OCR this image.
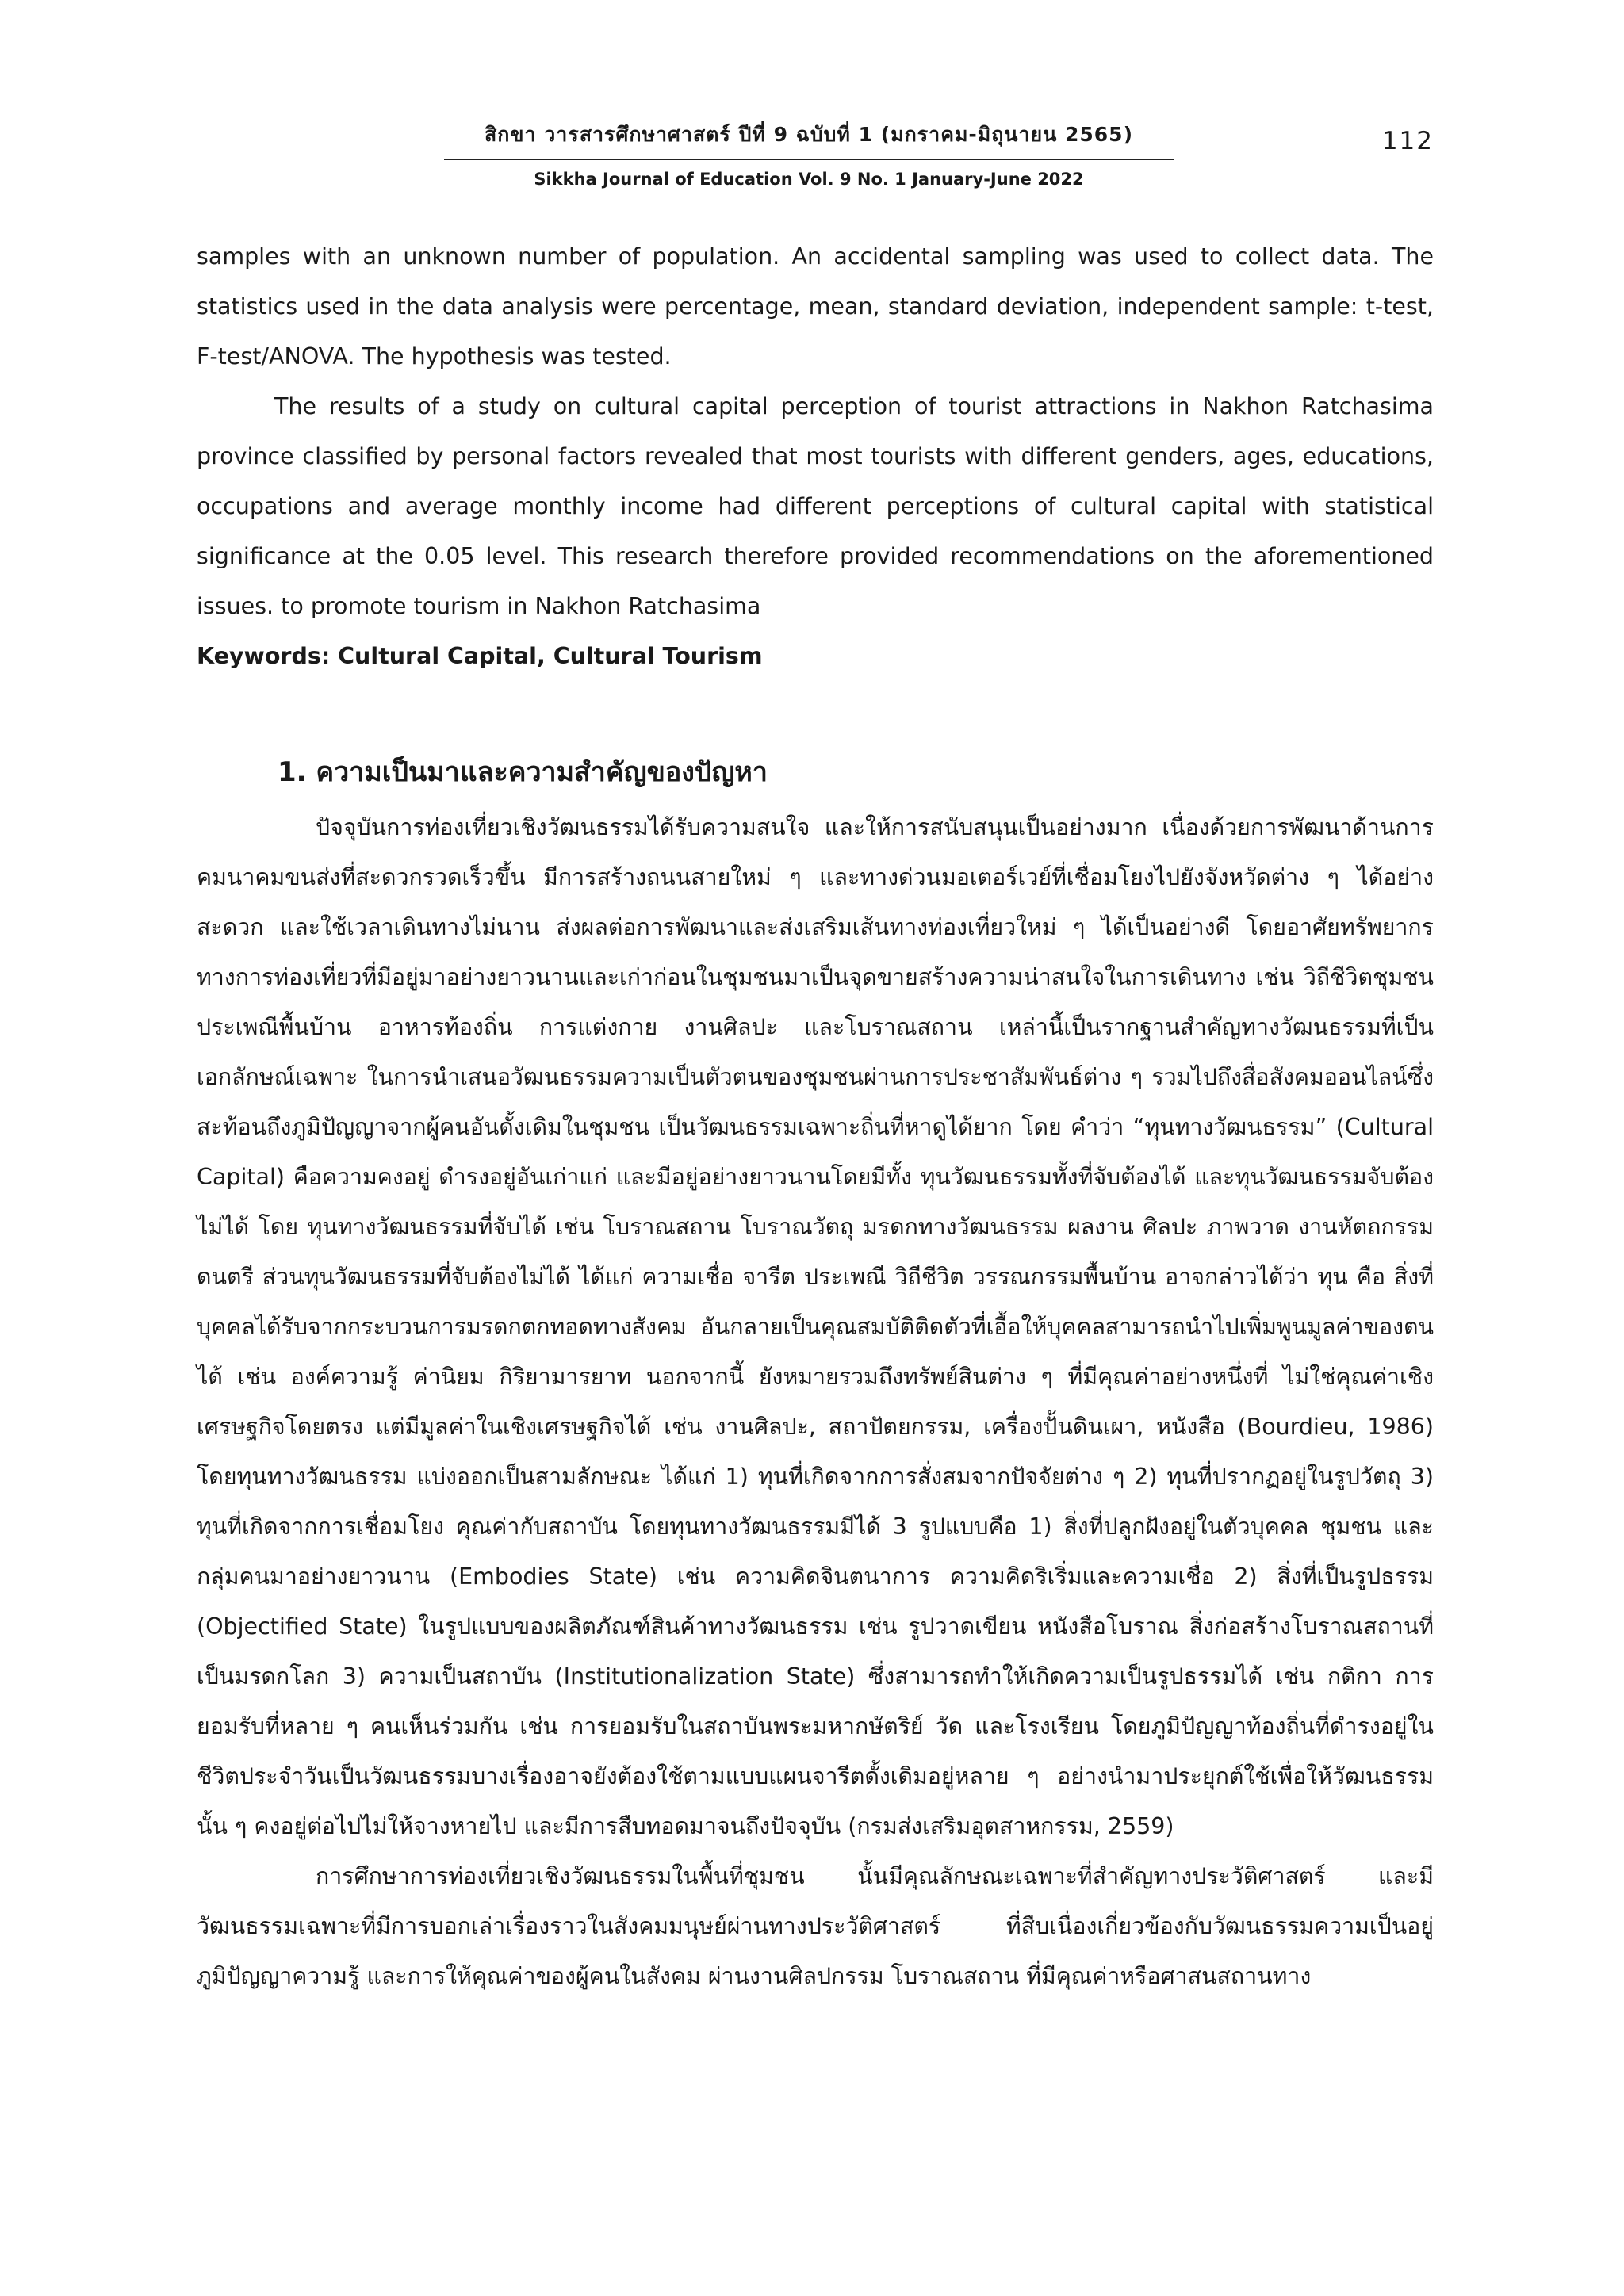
สิกขา วารสารศึกษาศาสตร์ ปีที่ 9 ฉบับที่ 1 (มกราคม-มิถุนายน 2565)
Sikkha Journal of Education Vol. 9 No. 1 January-June 2022
112

samples with an unknown number of population. An accidental sampling was used to collect data. The statistics used in the data analysis were percentage, mean, standard deviation, independent sample: t-test, F-test/ANOVA. The hypothesis was tested.

The results of a study on cultural capital perception of tourist attractions in Nakhon Ratchasima province classified by personal factors revealed that most tourists with different genders, ages, educations, occupations and average monthly income had different perceptions of cultural capital with statistical significance at the 0.05 level. This research therefore provided recommendations on the aforementioned issues. to promote tourism in Nakhon Ratchasima

Keywords: Cultural Capital, Cultural Tourism

1. ความเป็นมาและความสำคัญของปัญหา

ปัจจุบันการท่องเที่ยวเชิงวัฒนธรรมได้รับความสนใจ และให้การสนับสนุนเป็นอย่างมาก เนื่องด้วยการพัฒนาด้านการคมนาคมขนส่งที่สะดวกรวดเร็วขึ้น มีการสร้างถนนสายใหม่ ๆ และทางด่วนมอเตอร์เวย์ที่เชื่อมโยงไปยังจังหวัดต่าง ๆ ได้อย่างสะดวก และใช้เวลาเดินทางไม่นาน ส่งผลต่อการพัฒนาและส่งเสริมเส้นทางท่องเที่ยวใหม่ ๆ ได้เป็นอย่างดี โดยอาศัยทรัพยากรทางการท่องเที่ยวที่มีอยู่มาอย่างยาวนานและเก่าก่อนในชุมชนมาเป็นจุดขายสร้างความน่าสนใจในการเดินทาง เช่น วิถีชีวิตชุมชน ประเพณีพื้นบ้าน อาหารท้องถิ่น การแต่งกาย งานศิลปะ และโบราณสถาน เหล่านี้เป็นรากฐานสำคัญทางวัฒนธรรมที่เป็นเอกลักษณ์เฉพาะ ในการนำเสนอวัฒนธรรมความเป็นตัวตนของชุมชนผ่านการประชาสัมพันธ์ต่าง ๆ รวมไปถึงสื่อสังคมออนไลน์ซึ่งสะท้อนถึงภูมิปัญญาจากผู้คนอันดั้งเดิมในชุมชน เป็นวัฒนธรรมเฉพาะถิ่นที่หาดูได้ยาก โดย คำว่า “ทุนทางวัฒนธรรม” (Cultural Capital) คือความคงอยู่ ดำรงอยู่อันเก่าแก่ และมีอยู่อย่างยาวนานโดยมีทั้ง ทุนวัฒนธรรมทั้งที่จับต้องได้ และทุนวัฒนธรรมจับต้องไม่ได้ โดย ทุนทางวัฒนธรรมที่จับได้ เช่น โบราณสถาน โบราณวัตถุ มรดกทางวัฒนธรรม ผลงาน ศิลปะ ภาพวาด งานหัตถกรรม ดนตรี ส่วนทุนวัฒนธรรมที่จับต้องไม่ได้ ได้แก่ ความเชื่อ จารีต ประเพณี วิถีชีวิต วรรณกรรมพื้นบ้าน อาจกล่าวได้ว่า ทุน คือ สิ่งที่บุคคลได้รับจากกระบวนการมรดกตกทอดทางสังคม อันกลายเป็นคุณสมบัติติดตัวที่เอื้อให้บุคคลสามารถนำไปเพิ่มพูนมูลค่าของตนได้ เช่น องค์ความรู้ ค่านิยม กิริยามารยาท นอกจากนี้ ยังหมายรวมถึงทรัพย์สินต่าง ๆ ที่มีคุณค่าอย่างหนึ่งที่ ไม่ใช่คุณค่าเชิงเศรษฐกิจโดยตรง แต่มีมูลค่าในเชิงเศรษฐกิจได้ เช่น งานศิลปะ, สถาปัตยกรรม, เครื่องปั้นดินเผา, หนังสือ (Bourdieu, 1986) โดยทุนทางวัฒนธรรม แบ่งออกเป็นสามลักษณะ ได้แก่ 1) ทุนที่เกิดจากการสั่งสมจากปัจจัยต่าง ๆ 2) ทุนที่ปรากฏอยู่ในรูปวัตถุ 3) ทุนที่เกิดจากการเชื่อมโยง คุณค่ากับสถาบัน โดยทุนทางวัฒนธรรมมีได้ 3 รูปแบบคือ 1) สิ่งที่ปลูกฝังอยู่ในตัวบุคคล ชุมชน และกลุ่มคนมาอย่างยาวนาน (Embodies State) เช่น ความคิดจินตนาการ ความคิดริเริ่มและความเชื่อ 2) สิ่งที่เป็นรูปธรรม (Objectified State) ในรูปแบบของผลิตภัณฑ์สินค้าทางวัฒนธรรม เช่น รูปวาดเขียน หนังสือโบราณ สิ่งก่อสร้างโบราณสถานที่เป็นมรดกโลก 3) ความเป็นสถาบัน (Institutionalization State) ซึ่งสามารถทำให้เกิดความเป็นรูปธรรมได้ เช่น กติกา การยอมรับที่หลาย ๆ คนเห็นร่วมกัน เช่น การยอมรับในสถาบันพระมหากษัตริย์ วัด และโรงเรียน โดยภูมิปัญญาท้องถิ่นที่ดำรงอยู่ในชีวิตประจำวันเป็นวัฒนธรรมบางเรื่องอาจยังต้องใช้ตามแบบแผนจารีตดั้งเดิมอยู่หลาย ๆ อย่างนำมาประยุกต์ใช้เพื่อให้วัฒนธรรมนั้น ๆ คงอยู่ต่อไปไม่ให้จางหายไป และมีการสืบทอดมาจนถึงปัจจุบัน (กรมส่งเสริมอุตสาหกรรม, 2559)

การศึกษาการท่องเที่ยวเชิงวัฒนธรรมในพื้นที่ชุมชน นั้นมีคุณลักษณะเฉพาะที่สำคัญทางประวัติศาสตร์ และมีวัฒนธรรมเฉพาะที่มีการบอกเล่าเรื่องราวในสังคมมนุษย์ผ่านทางประวัติศาสตร์ ที่สืบเนื่องเกี่ยวข้องกับวัฒนธรรมความเป็นอยู่ภูมิปัญญาความรู้ และการให้คุณค่าของผู้คนในสังคม ผ่านงานศิลปกรรม โบราณสถาน ที่มีคุณค่าหรือศาสนสถานทาง
